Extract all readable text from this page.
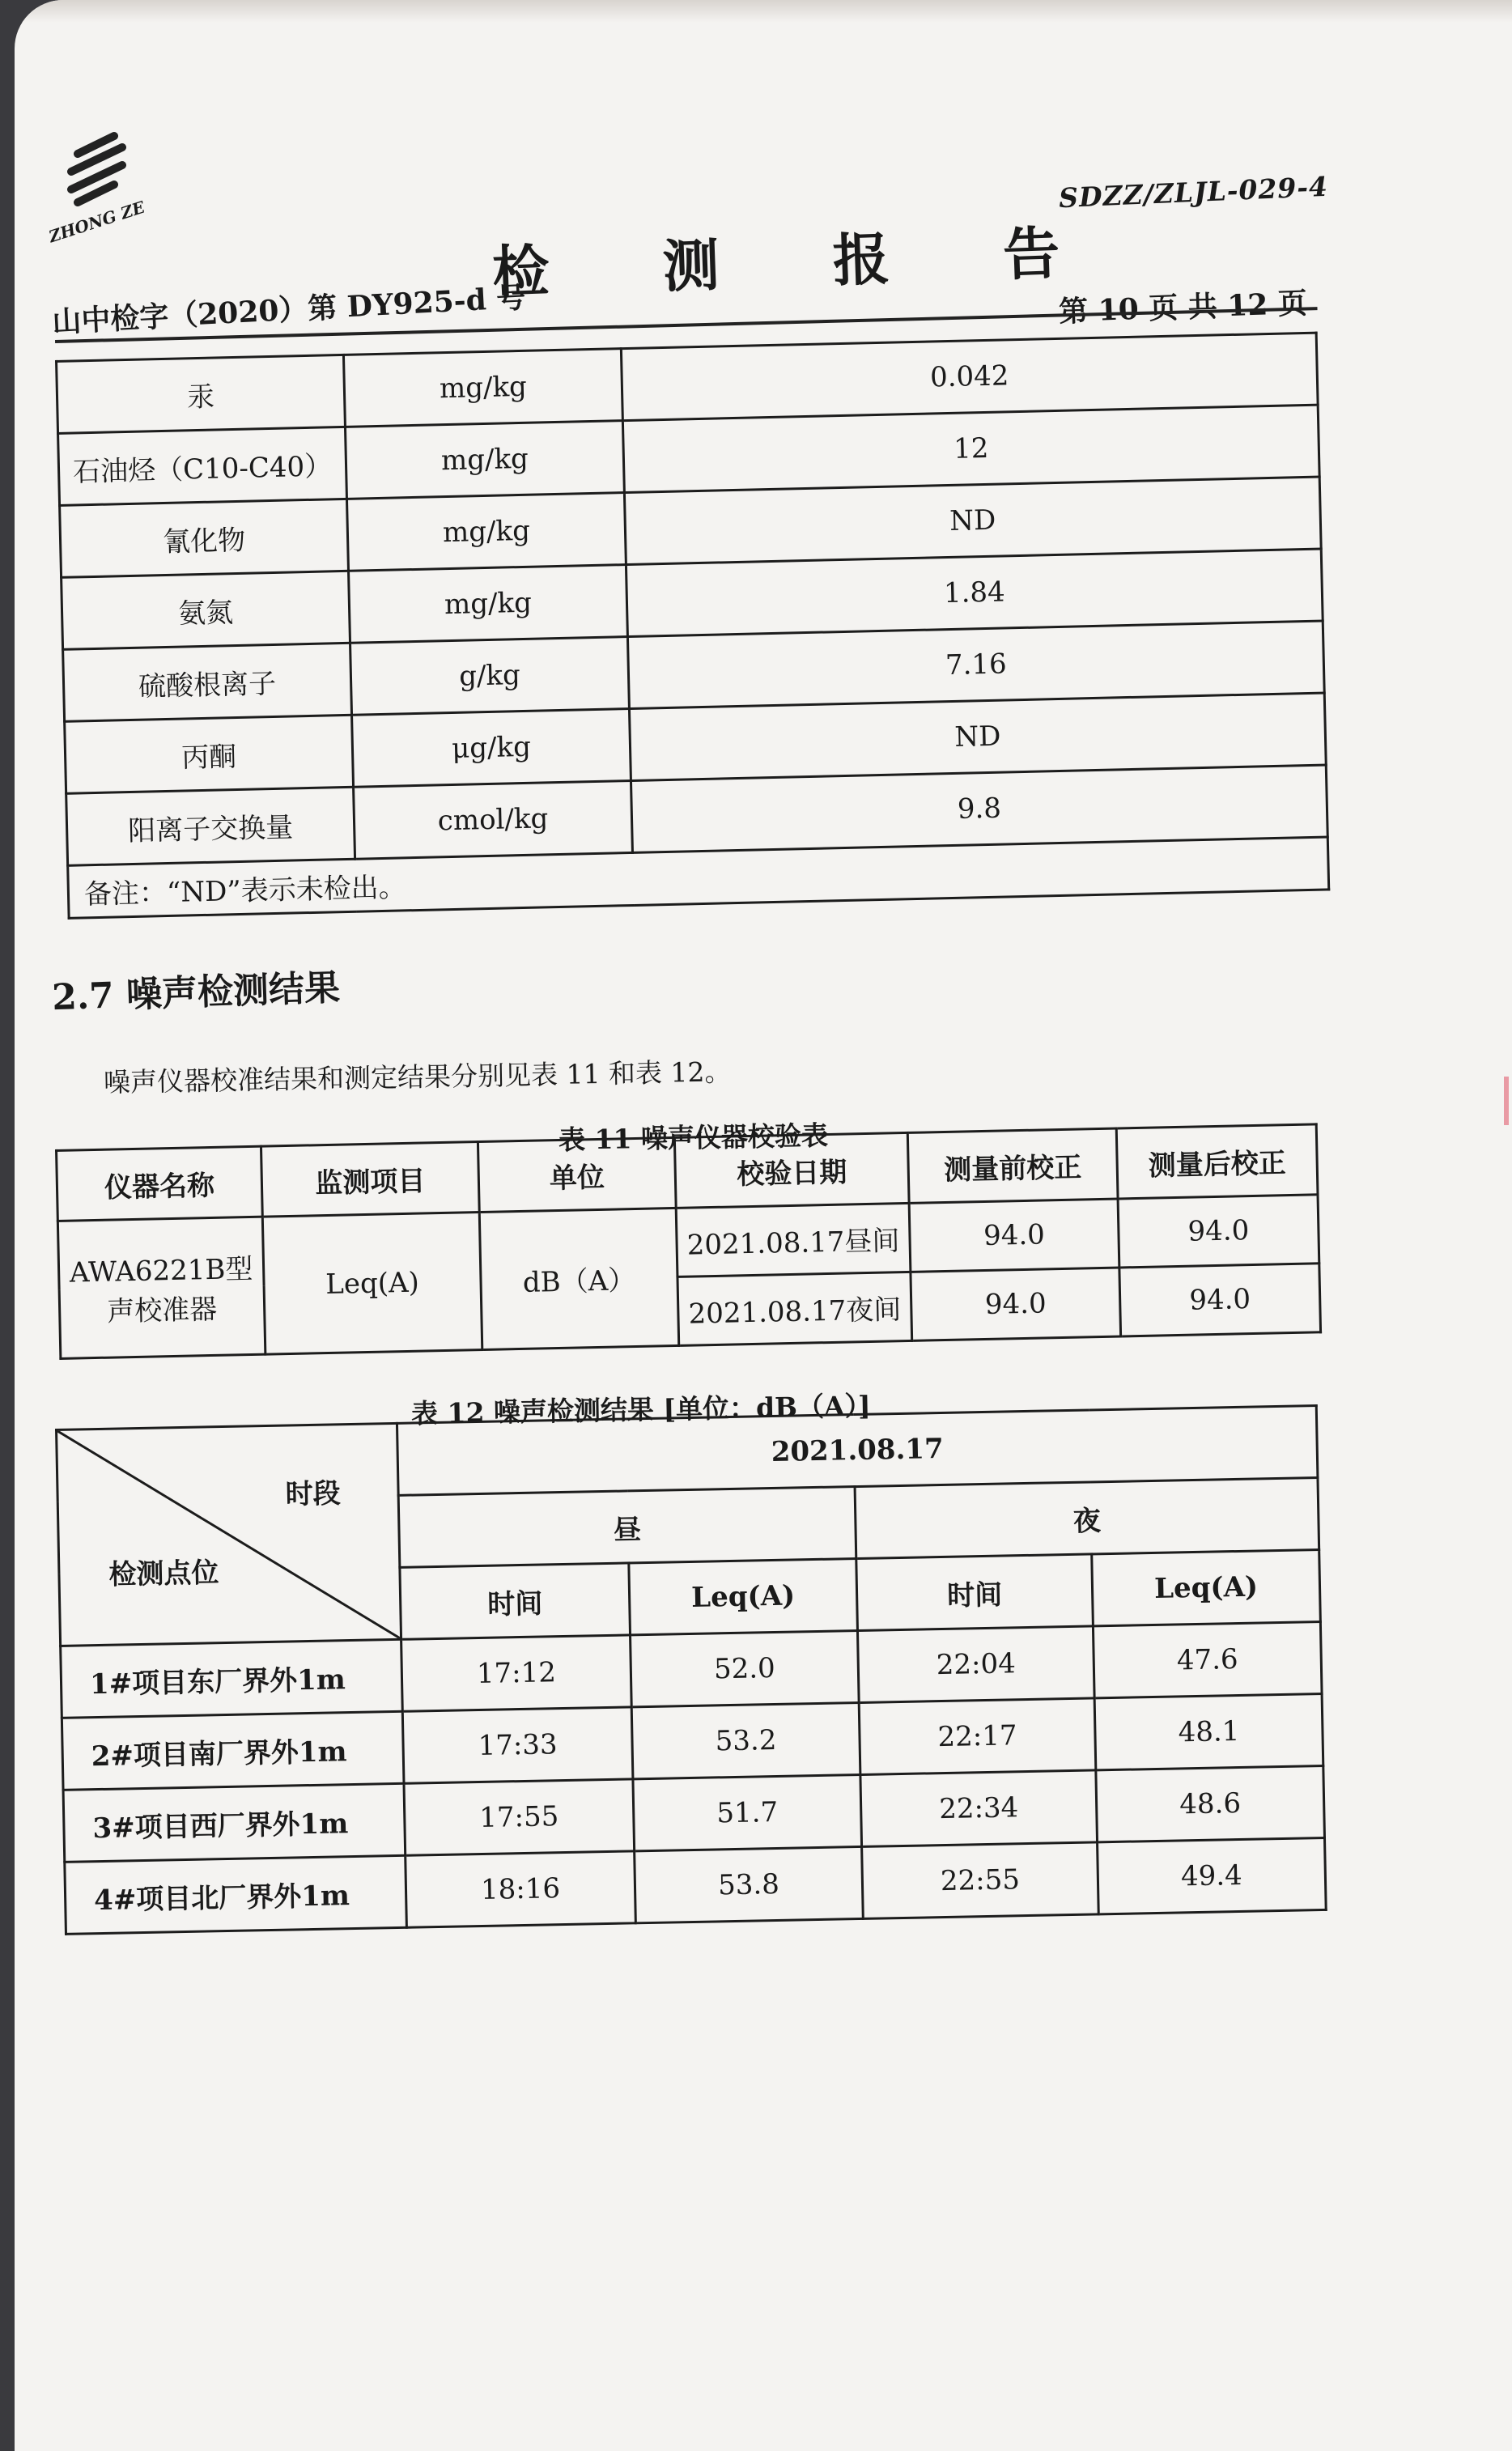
ZHONG ZE
SDZZ/ZLJL-029-4
检 测 报 告
山中检字（2020）第 DY925-d 号	第 10 页 共 12 页
汞	mg/kg	0.042
石油烃（C10-C40）	mg/kg	12
氰化物	mg/kg	ND
氨氮	mg/kg	1.84
硫酸根离子	g/kg	7.16
丙酮	μg/kg	ND
阳离子交换量	cmol/kg	9.8
备注：“ND”表示未检出。		
2.7 噪声检测结果
噪声仪器校准结果和测定结果分别见表 11 和表 12。
表 11 噪声仪器校验表
仪器名称	监测项目	单位	校验日期	测量前校正	测量后校正

AWA6221B型
声校准器	Leq(A)	dB（A）	2021.08.17昼间	94.0	94.0
			2021.08.17夜间	94.0	94.0
表 12 噪声检测结果 [单位：dB（A）]
时段
检测点位	2021.08.17			
	昼		夜	
	时间	Leq(A)	时间	Leq(A)
1#项目东厂界外1m	17:12	52.0	22:04	47.6
2#项目南厂界外1m	17:33	53.2	22:17	48.1
3#项目西厂界外1m	17:55	51.7	22:34	48.6
4#项目北厂界外1m	18:16	53.8	22:55	49.4
